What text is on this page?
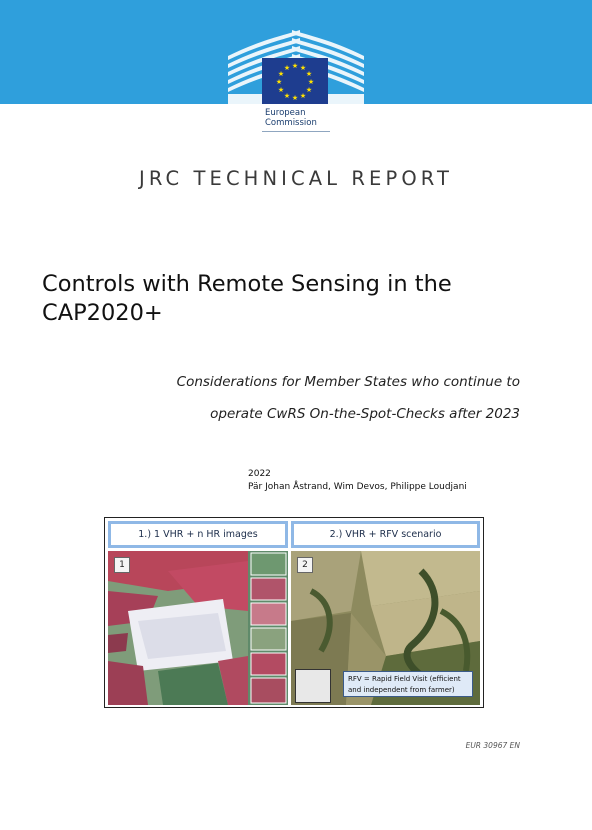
★ ★
★
★
★
★
★
★
★
★
★
★
European
Commission
JRC TECHNICAL REPORT
Controls with Remote Sensing in the
CAP2020+
Considerations for Member States who continue to
operate CwRS On-the-Spot-Checks after 2023
2022
Pär Johan Åstrand, Wim Devos, Philippe Loudjani
1.) 1 VHR + n HR images	2.) VHR + RFV scenario
1	2
RFV = Rapid Field Visit (efficient
and independent from farmer)
EUR 30967 EN
